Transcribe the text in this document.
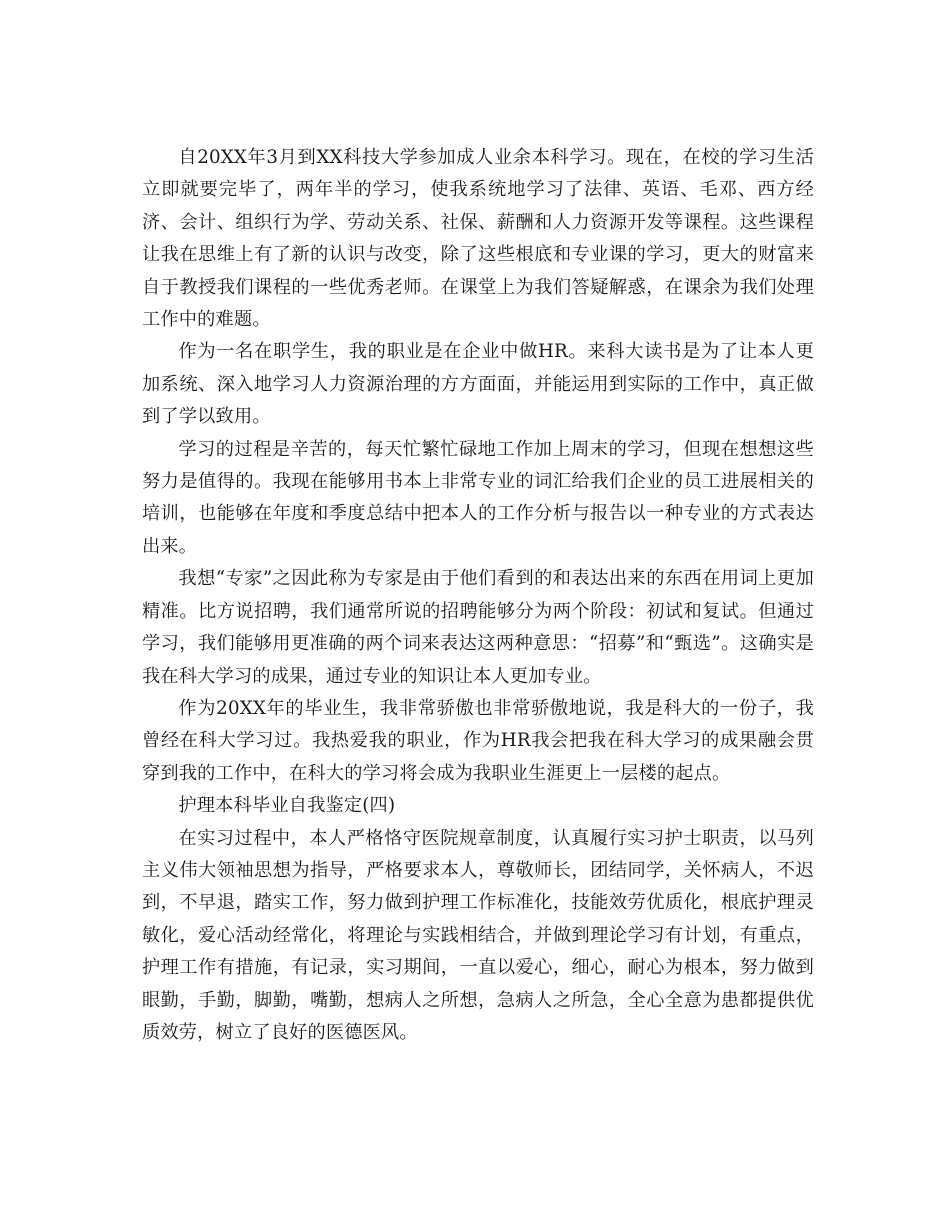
自20XX年3月到XX科技大学参加成人业余本科学习。现在，在校的学习生活立即就要完毕了，两年半的学习，使我系统地学习了法律、英语、毛邓、西方经济、会计、组织行为学、劳动关系、社保、薪酬和人力资源开发等课程。这些课程让我在思维上有了新的认识与改变，除了这些根底和专业课的学习，更大的财富来自于教授我们课程的一些优秀老师。在课堂上为我们答疑解惑，在课余为我们处理工作中的难题。

作为一名在职学生，我的职业是在企业中做HR。来科大读书是为了让本人更加系统、深入地学习人力资源治理的方方面面，并能运用到实际的工作中，真正做到了学以致用。

学习的过程是辛苦的，每天忙繁忙碌地工作加上周末的学习，但现在想想这些努力是值得的。我现在能够用书本上非常专业的词汇给我们企业的员工进展相关的培训，也能够在年度和季度总结中把本人的工作分析与报告以一种专业的方式表达出来。

我想“专家”之因此称为专家是由于他们看到的和表达出来的东西在用词上更加精准。比方说招聘，我们通常所说的招聘能够分为两个阶段：初试和复试。但通过学习，我们能够用更准确的两个词来表达这两种意思：“招募”和“甄选”。这确实是我在科大学习的成果，通过专业的知识让本人更加专业。

作为20XX年的毕业生，我非常骄傲也非常骄傲地说，我是科大的一份子，我曾经在科大学习过。我热爱我的职业，作为HR我会把我在科大学习的成果融会贯穿到我的工作中，在科大的学习将会成为我职业生涯更上一层楼的起点。

护理本科毕业自我鉴定(四)

在实习过程中，本人严格恪守医院规章制度，认真履行实习护士职责，以马列主义伟大领袖思想为指导，严格要求本人，尊敬师长，团结同学，关怀病人，不迟到，不早退，踏实工作，努力做到护理工作标准化，技能效劳优质化，根底护理灵敏化，爱心活动经常化，将理论与实践相结合，并做到理论学习有计划，有重点，护理工作有措施，有记录，实习期间，一直以爱心，细心，耐心为根本，努力做到眼勤，手勤，脚勤，嘴勤，想病人之所想，急病人之所急，全心全意为患都提供优质效劳，树立了良好的医德医风。
